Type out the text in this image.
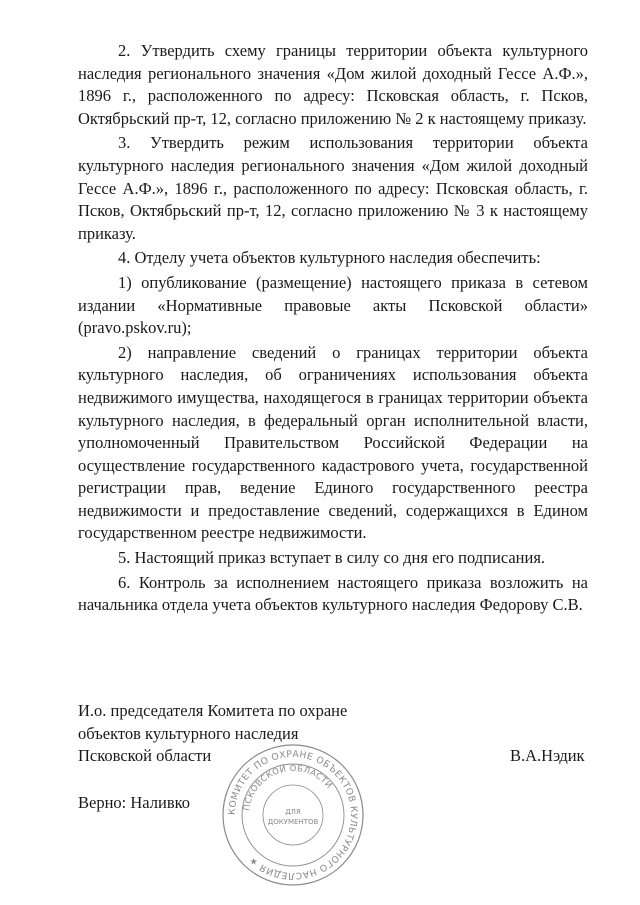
2. Утвердить схему границы территории объекта культурного наследия регионального значения «Дом жилой доходный Гессе А.Ф.», 1896 г., расположенного по адресу: Псковская область, г. Псков, Октябрьский пр-т, 12, согласно приложению № 2 к настоящему приказу.

3. Утвердить режим использования территории объекта культурного наследия регионального значения «Дом жилой доходный Гессе А.Ф.», 1896 г., расположенного по адресу: Псковская область, г. Псков, Октябрьский пр-т, 12, согласно приложению № 3 к настоящему приказу.

4. Отделу учета объектов культурного наследия обеспечить:

1) опубликование (размещение) настоящего приказа в сетевом издании «Нормативные правовые акты Псковской области» (pravo.pskov.ru);

2) направление сведений о границах территории объекта культурного наследия, об ограничениях использования объекта недвижимого имущества, находящегося в границах территории объекта культурного наследия, в федеральный орган исполнительной власти, уполномоченный Правительством Российской Федерации на осуществление государственного кадастрового учета, государственной регистрации прав, ведение Единого государственного реестра недвижимости и предоставление сведений, содержащихся в Едином государственном реестре недвижимости.

5. Настоящий приказ вступает в силу со дня его подписания.

6. Контроль за исполнением настоящего приказа возложить на начальника отдела учета объектов культурного наследия Федорову С.В.

И.о. председателя Комитета по охране
объектов культурного наследия
Псковской области	В.А.Нэдик
Верно: Наливко	КОМИТЕТ ПО ОХРАНЕ ОБЪЕКТОВ КУЛЬТУРНОГО НАСЛЕДИЯ ★
ПСКОВСКОЙ ОБЛАСТИ
ДЛЯ
ДОКУМЕНТОВ
